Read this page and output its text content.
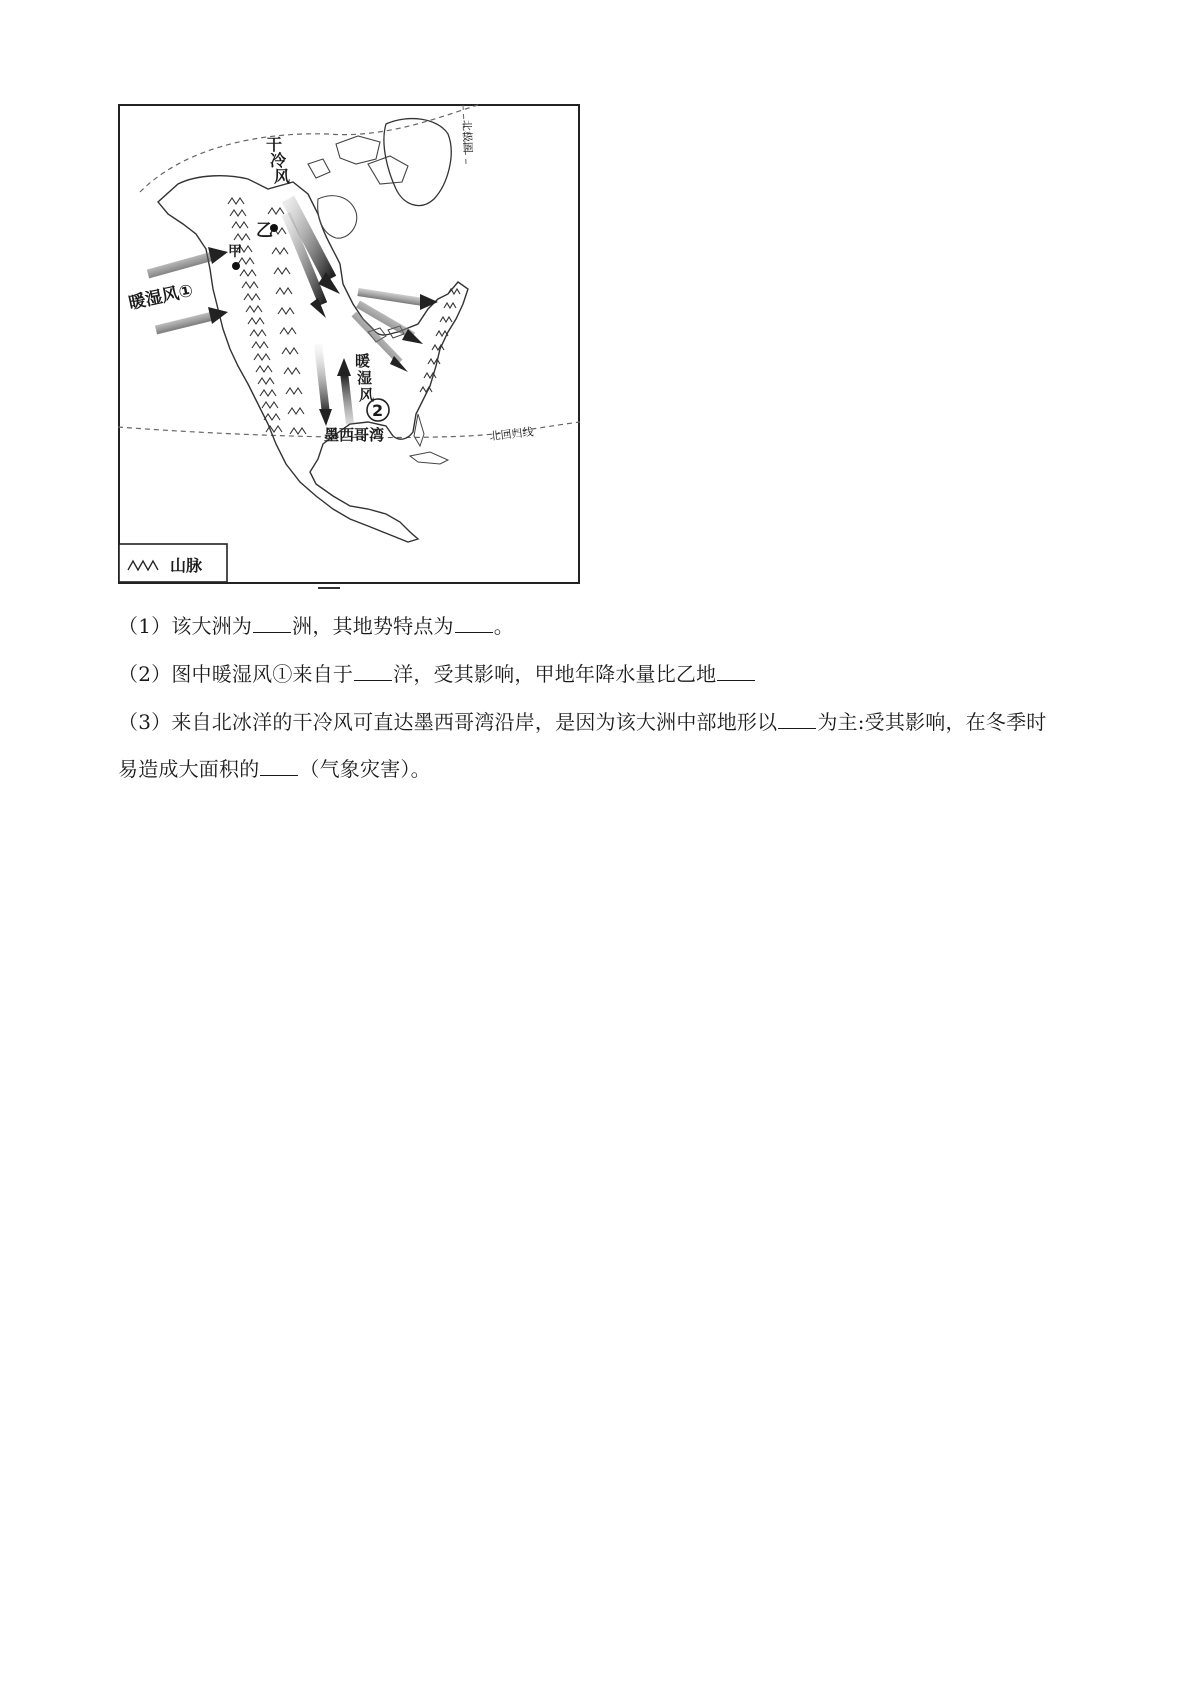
北回归线
北极圈
干
冷
风
暖湿风①
暖
湿
风
2
甲
乙
墨西哥湾
山脉
（1）该大洲为 洲，其地势特点为 。
（2）图中暖湿风①来自于 洋，受其影响，甲地年降水量比乙地
（3）来自北冰洋的干冷风可直达墨西哥湾沿岸，是因为该大洲中部地形以 为主:受其影响，在冬季时
易造成大面积的 （气象灾害）。
